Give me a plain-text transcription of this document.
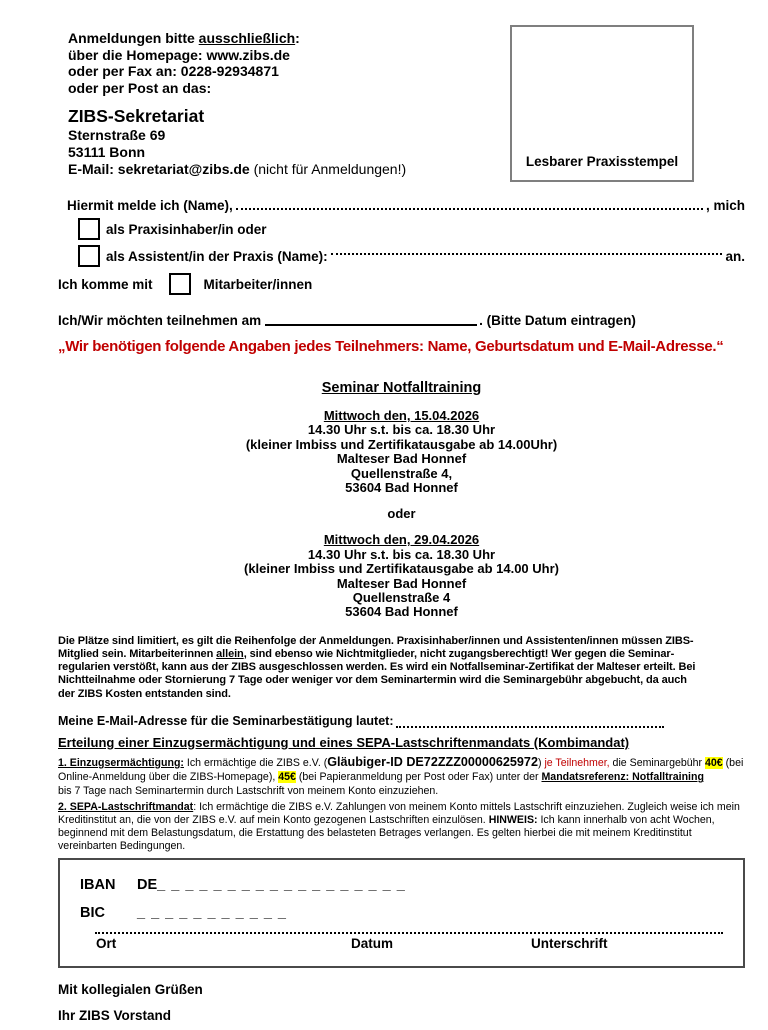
Anmeldungen bitte ausschließlich:
über die Homepage: www.zibs.de
oder per Fax an: 0228-92934871
oder per Post an das:
ZIBS-Sekretariat
Sternstraße 69
53111 Bonn
E-Mail: sekretariat@zibs.de (nicht für Anmeldungen!)	Lesbarer Praxisstempel
Hiermit melde ich (Name),	, mich
als Praxisinhaber/in oder
als Assistent/in der Praxis (Name):	an.
Ich komme mit	Mitarbeiter/innen
Ich/Wir möchten teilnehmen am	. (Bitte Datum eintragen)
„Wir benötigen folgende Angaben jedes Teilnehmers: Name, Geburtsdatum und E-Mail-Adresse.“
Seminar Notfalltraining
Mittwoch den, 15.04.2026
14.30 Uhr s.t. bis ca. 18.30 Uhr
(kleiner Imbiss und Zertifikatausgabe ab 14.00Uhr)
Malteser Bad Honnef
Quellenstraße 4,
53604 Bad Honnef
oder
Mittwoch den, 29.04.2026
14.30 Uhr s.t. bis ca. 18.30 Uhr
(kleiner Imbiss und Zertifikatausgabe ab 14.00 Uhr)
Malteser Bad Honnef
Quellenstraße 4
53604 Bad Honnef
Die Plätze sind limitiert, es gilt die Reihenfolge der Anmeldungen. Praxisinhaber/innen und Assistenten/innen müssen ZIBS-
Mitglied sein. Mitarbeiterinnen allein, sind ebenso wie Nichtmitglieder, nicht zugangsberechtigt! Wer gegen die Seminar-
regularien verstößt, kann aus der ZIBS ausgeschlossen werden. Es wird ein Notfallseminar-Zertifikat der Malteser erteilt. Bei
Nichtteilnahme oder Stornierung 7 Tage oder weniger vor dem Seminartermin wird die Seminargebühr abgebucht, da auch
der ZIBS Kosten entstanden sind.
Meine E-Mail-Adresse für die Seminarbestätigung lautet:
Erteilung einer Einzugsermächtigung und eines SEPA-Lastschriftenmandats (Kombimandat)
1. Einzugsermächtigung: Ich ermächtige die ZIBS e.V. (Gläubiger-ID DE72ZZZ00000625972) je Teilnehmer, die Seminargebühr 40€ (bei Online-Anmeldung über die ZIBS-Homepage), 45€ (bei Papieranmeldung per Post oder Fax) unter der Mandatsreferenz: Notfalltraining
bis 7 Tage nach Seminartermin durch Lastschrift von meinem Konto einzuziehen.
2. SEPA-Lastschriftmandat: Ich ermächtige die ZIBS e.V. Zahlungen von meinem Konto mittels Lastschrift einzuziehen. Zugleich weise ich mein Kreditinstitut an, die von der ZIBS e.V. auf mein Konto gezogenen Lastschriften einzulösen. HINWEIS: Ich kann innerhalb von acht Wochen, beginnend mit dem Belastungsdatum, die Erstattung des belasteten Betrages verlangen. Es gelten hierbei die mit meinem Kreditinstitut vereinbarten Bedingungen.
IBAN	DE _ _ _ _ _ _ _ _ _ _ _ _ _ _ _ _ _ _
BIC	_ _ _ _ _ _ _ _ _ _ _
Ort	Datum	Unterschrift
Mit kollegialen Grüßen
Ihr ZIBS Vorstand
